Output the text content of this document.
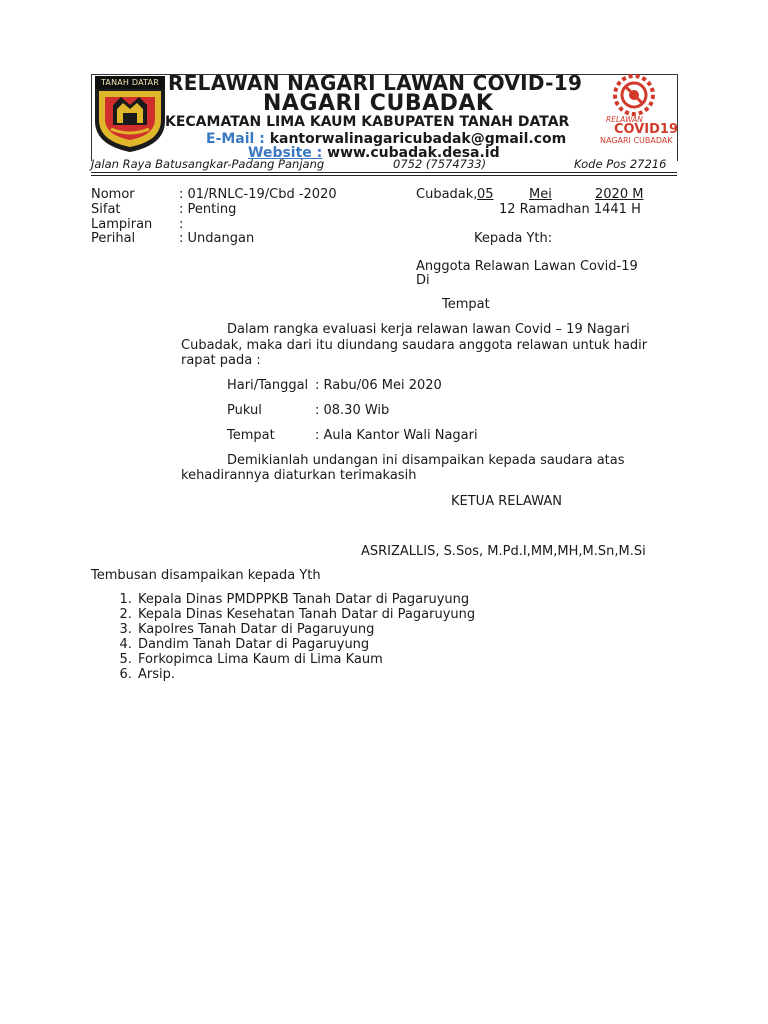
TANAH DATAR
RELAWAN
COVID19
NAGARI CUBADAK
RELAWAN NAGARI LAWAN COVID-19
NAGARI CUBADAK
KECAMATAN LIMA KAUM KABUPATEN TANAH DATAR
E-Mail : kantorwalinagaricubadak@gmail.com
Website : www.cubadak.desa.id
Jalan Raya Batusangkar-Padang Panjang	0752 (7574733)	Kode Pos 27216
Nomor	: 01/RNLC-19/Cbd -2020
Sifat	: Penting
Lampiran :
Perihal	: Undangan
Cubadak, 05	Mei	2020 M
12 Ramadhan 1441 H
Kepada Yth:
Anggota Relawan Lawan Covid-19
Di
Tempat
Dalam rangka evaluasi kerja relawan lawan Covid – 19 Nagari
Cubadak, maka dari itu diundang saudara anggota relawan untuk hadir
rapat pada :
Hari/Tanggal : Rabu/06 Mei 2020
Pukul	: 08.30 Wib
Tempat	: Aula Kantor Wali Nagari
Demikianlah undangan ini disampaikan kepada saudara atas
kehadirannya diaturkan terimakasih
KETUA RELAWAN
ASRIZALLIS, S.Sos, M.Pd.I,MM,MH,M.Sn,M.Si
Tembusan disampaikan kepada Yth
1. Kepala Dinas PMDPPKB Tanah Datar di Pagaruyung
2. Kepala Dinas Kesehatan Tanah Datar di Pagaruyung
3. Kapolres Tanah Datar di Pagaruyung
4. Dandim Tanah Datar di Pagaruyung
5. Forkopimca Lima Kaum di Lima Kaum
6. Arsip.
